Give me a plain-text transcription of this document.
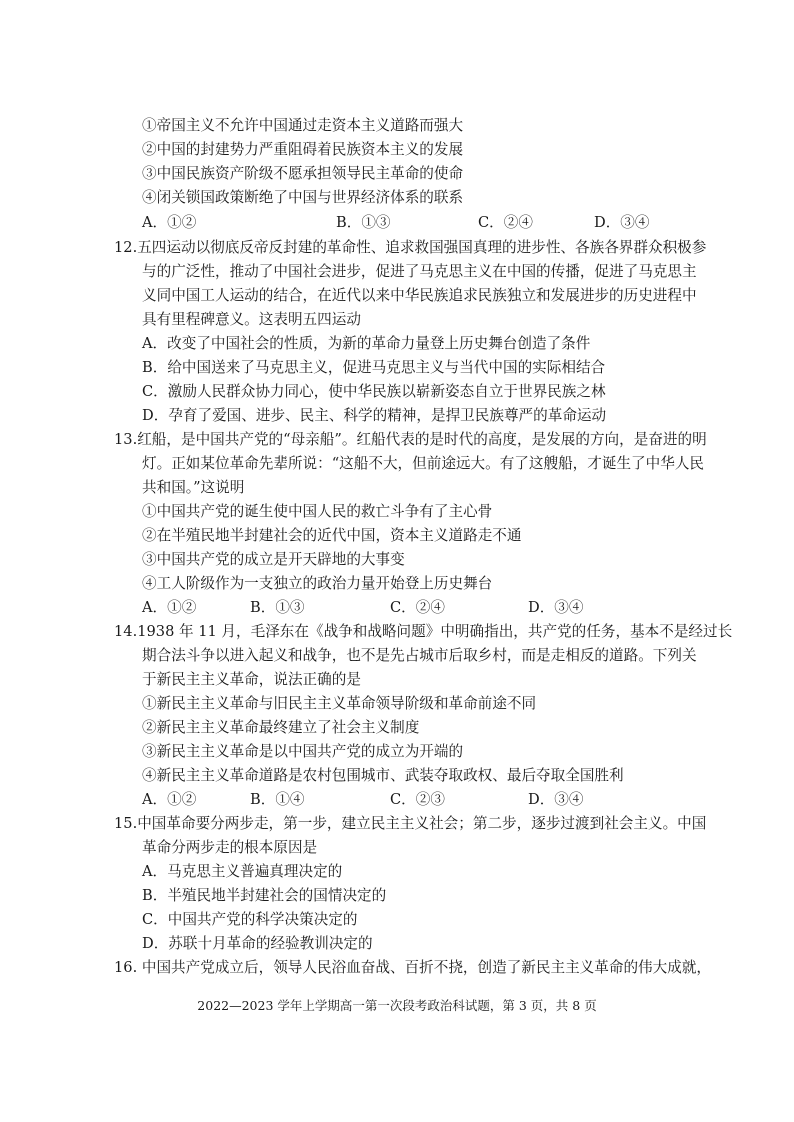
①帝国主义不允许中国通过走资本主义道路而强大
②中国的封建势力严重阻碍着民族资本主义的发展
③中国民族资产阶级不愿承担领导民主革命的使命
④闭关锁国政策断绝了中国与世界经济体系的联系
A．①②	B．①③	C．②④	D．③④
12.五四运动以彻底反帝反封建的革命性、追求救国强国真理的进步性、各族各界群众积极参
与的广泛性，推动了中国社会进步，促进了马克思主义在中国的传播，促进了马克思主
义同中国工人运动的结合，在近代以来中华民族追求民族独立和发展进步的历史进程中
具有里程碑意义。这表明五四运动
A．改变了中国社会的性质，为新的革命力量登上历史舞台创造了条件
B．给中国送来了马克思主义，促进马克思主义与当代中国的实际相结合
C．激励人民群众协力同心，使中华民族以崭新姿态自立于世界民族之林
D．孕育了爱国、进步、民主、科学的精神，是捍卫民族尊严的革命运动
13.红船，是中国共产党的“母亲船”。红船代表的是时代的高度，是发展的方向，是奋进的明
灯。正如某位革命先辈所说：“这船不大，但前途远大。有了这艘船，才诞生了中华人民
共和国。”这说明
①中国共产党的诞生使中国人民的救亡斗争有了主心骨
②在半殖民地半封建社会的近代中国，资本主义道路走不通
③中国共产党的成立是开天辟地的大事变
④工人阶级作为一支独立的政治力量开始登上历史舞台
A．①②	B．①③	C．②④	D．③④
14.1938 年 11 月，毛泽东在《战争和战略问题》中明确指出，共产党的任务，基本不是经过长
期合法斗争以进入起义和战争，也不是先占城市后取乡村，而是走相反的道路。下列关
于新民主主义革命，说法正确的是
①新民主主义革命与旧民主主义革命领导阶级和革命前途不同
②新民主主义革命最终建立了社会主义制度
③新民主主义革命是以中国共产党的成立为开端的
④新民主主义革命道路是农村包围城市、武装夺取政权、最后夺取全国胜利
A．①②	B．①④	C．②③	D．③④
15.中国革命要分两步走，第一步，建立民主主义社会；第二步，逐步过渡到社会主义。中国
革命分两步走的根本原因是
A．马克思主义普遍真理决定的
B．半殖民地半封建社会的国情决定的
C．中国共产党的科学决策决定的
D．苏联十月革命的经验教训决定的
16. 中国共产党成立后，领导人民浴血奋战、百折不挠，创造了新民主主义革命的伟大成就，
2022—2023 学年上学期高一第一次段考政治科试题，第 3 页，共 8 页
